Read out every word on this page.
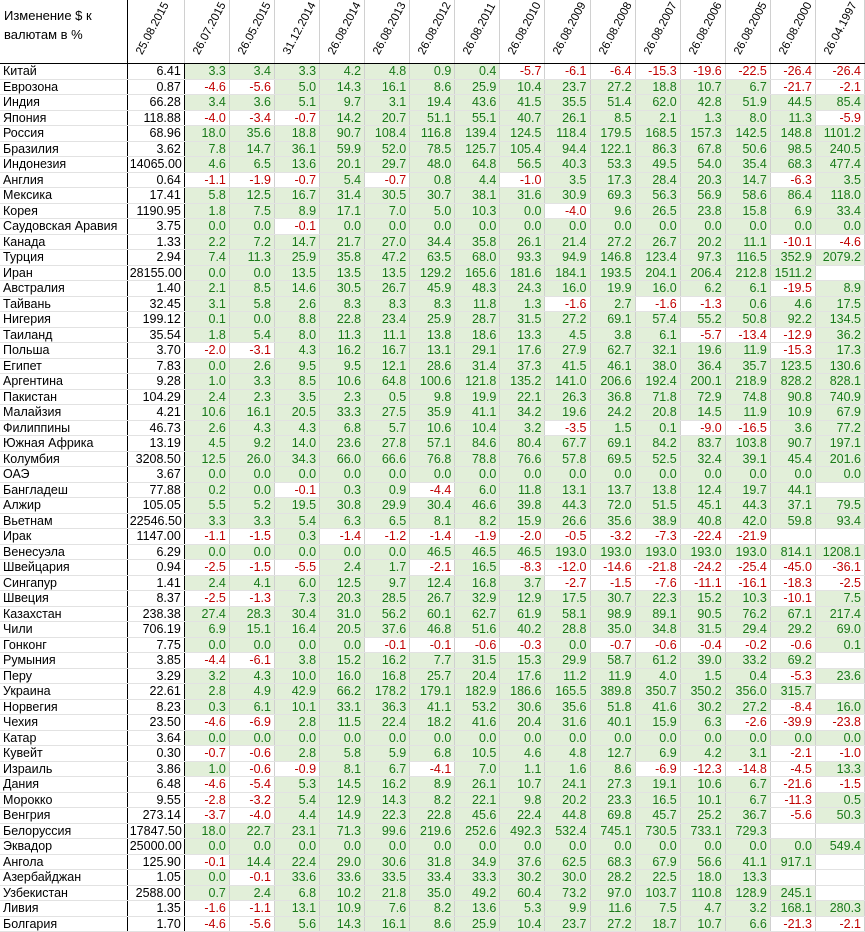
Изменение $ к валютам в %	25.08.2015	26.07.2015	26.05.2015	31.12.2014	26.08.2014	26.08.2013	26.08.2012	26.08.2011	26.08.2010	26.08.2009	26.08.2008	26.08.2007	26.08.2006	26.08.2005	26.08.2000	26.04.1997

Китай	6.41	3.3	3.4	3.3	4.2	4.8	0.9	0.4	-5.7	-6.1	-6.4	-15.3	-19.6	-22.5	-26.4	-26.4
Еврозона	0.87	-4.6	-5.6	5.0	14.3	16.1	8.6	25.9	10.4	23.7	27.2	18.8	10.7	6.7	-21.7	-2.1
Индия	66.28	3.4	3.6	5.1	9.7	3.1	19.4	43.6	41.5	35.5	51.4	62.0	42.8	51.9	44.5	85.4
Япония	118.88	-4.0	-3.4	-0.7	14.2	20.7	51.1	55.1	40.7	26.1	8.5	2.1	1.3	8.0	11.3	-5.9
Россия	68.96	18.0	35.6	18.8	90.7	108.4	116.8	139.4	124.5	118.4	179.5	168.5	157.3	142.5	148.8	1101.2
Бразилия	3.62	7.8	14.7	36.1	59.9	52.0	78.5	125.7	105.4	94.4	122.1	86.3	67.8	50.6	98.5	240.5
Индонезия	14065.00	4.6	6.5	13.6	20.1	29.7	48.0	64.8	56.5	40.3	53.3	49.5	54.0	35.4	68.3	477.4
Англия	0.64	-1.1	-1.9	-0.7	5.4	-0.7	0.8	4.4	-1.0	3.5	17.3	28.4	20.3	14.7	-6.3	3.5
Мексика	17.41	5.8	12.5	16.7	31.4	30.5	30.7	38.1	31.6	30.9	69.3	56.3	56.9	58.6	86.4	118.0
Корея	1190.95	1.8	7.5	8.9	17.1	7.0	5.0	10.3	0.0	-4.0	9.6	26.5	23.8	15.8	6.9	33.4
Саудовская Аравия	3.75	0.0	0.0	-0.1	0.0	0.0	0.0	0.0	0.0	0.0	0.0	0.0	0.0	0.0	0.0	0.0
Канада	1.33	2.2	7.2	14.7	21.7	27.0	34.4	35.8	26.1	21.4	27.2	26.7	20.2	11.1	-10.1	-4.6
Турция	2.94	7.4	11.3	25.9	35.8	47.2	63.5	68.0	93.3	94.9	146.8	123.4	97.3	116.5	352.9	2079.2
Иран	28155.00	0.0	0.0	13.5	13.5	13.5	129.2	165.6	181.6	184.1	193.5	204.1	206.4	212.8	1511.2	
Австралия	1.40	2.1	8.5	14.6	30.5	26.7	45.9	48.3	24.3	16.0	19.9	16.0	6.2	6.1	-19.5	8.9
Тайвань	32.45	3.1	5.8	2.6	8.3	8.3	8.3	11.8	1.3	-1.6	2.7	-1.6	-1.3	0.6	4.6	17.5
Нигерия	199.12	0.1	0.0	8.8	22.8	23.4	25.9	28.7	31.5	27.2	69.1	57.4	55.2	50.8	92.2	134.5
Таиланд	35.54	1.8	5.4	8.0	11.3	11.1	13.8	18.6	13.3	4.5	3.8	6.1	-5.7	-13.4	-12.9	36.2
Польша	3.70	-2.0	-3.1	4.3	16.2	16.7	13.1	29.1	17.6	27.9	62.7	32.1	19.6	11.9	-15.3	17.3
Египет	7.83	0.0	2.6	9.5	9.5	12.1	28.6	31.4	37.3	41.5	46.1	38.0	36.4	35.7	123.5	130.6
Аргентина	9.28	1.0	3.3	8.5	10.6	64.8	100.6	121.8	135.2	141.0	206.6	192.4	200.1	218.9	828.2	828.1
Пакистан	104.29	2.4	2.3	3.5	2.3	0.5	9.8	19.9	22.1	26.3	36.8	71.8	72.9	74.8	90.8	740.9
Малайзия	4.21	10.6	16.1	20.5	33.3	27.5	35.9	41.1	34.2	19.6	24.2	20.8	14.5	11.9	10.9	67.9
Филиппины	46.73	2.6	4.3	4.3	6.8	5.7	10.6	10.4	3.2	-3.5	1.5	0.1	-9.0	-16.5	3.6	77.2
Южная Африка	13.19	4.5	9.2	14.0	23.6	27.8	57.1	84.6	80.4	67.7	69.1	84.2	83.7	103.8	90.7	197.1
Колумбия	3208.50	12.5	26.0	34.3	66.0	66.6	76.8	78.8	76.6	57.8	69.5	52.5	32.4	39.1	45.4	201.6
ОАЭ	3.67	0.0	0.0	0.0	0.0	0.0	0.0	0.0	0.0	0.0	0.0	0.0	0.0	0.0	0.0	0.0
Бангладеш	77.88	0.2	0.0	-0.1	0.3	0.9	-4.4	6.0	11.8	13.1	13.7	13.8	12.4	19.7	44.1	
Алжир	105.05	5.5	5.2	19.5	30.8	29.9	30.4	46.6	39.8	44.3	72.0	51.5	45.1	44.3	37.1	79.5
Вьетнам	22546.50	3.3	3.3	5.4	6.3	6.5	8.1	8.2	15.9	26.6	35.6	38.9	40.8	42.0	59.8	93.4
Ирак	1147.00	-1.1	-1.5	0.3	-1.4	-1.2	-1.4	-1.9	-2.0	-0.5	-3.2	-7.3	-22.4	-21.9		
Венесуэла	6.29	0.0	0.0	0.0	0.0	0.0	46.5	46.5	46.5	193.0	193.0	193.0	193.0	193.0	814.1	1208.1
Швейцария	0.94	-2.5	-1.5	-5.5	2.4	1.7	-2.1	16.5	-8.3	-12.0	-14.6	-21.8	-24.2	-25.4	-45.0	-36.1
Сингапур	1.41	2.4	4.1	6.0	12.5	9.7	12.4	16.8	3.7	-2.7	-1.5	-7.6	-11.1	-16.1	-18.3	-2.5
Швеция	8.37	-2.5	-1.3	7.3	20.3	28.5	26.7	32.9	12.9	17.5	30.7	22.3	15.2	10.3	-10.1	7.5
Казахстан	238.38	27.4	28.3	30.4	31.0	56.2	60.1	62.7	61.9	58.1	98.9	89.1	90.5	76.2	67.1	217.4
Чили	706.19	6.9	15.1	16.4	20.5	37.6	46.8	51.6	40.2	28.8	35.0	34.8	31.5	29.4	29.2	69.0
Гонконг	7.75	0.0	0.0	0.0	0.0	-0.1	-0.1	-0.6	-0.3	0.0	-0.7	-0.6	-0.4	-0.2	-0.6	0.1
Румыния	3.85	-4.4	-6.1	3.8	15.2	16.2	7.7	31.5	15.3	29.9	58.7	61.2	39.0	33.2	69.2	
Перу	3.29	3.2	4.3	10.0	16.0	16.8	25.7	20.4	17.6	11.2	11.9	4.0	1.5	0.4	-5.3	23.6
Украина	22.61	2.8	4.9	42.9	66.2	178.2	179.1	182.9	186.6	165.5	389.8	350.7	350.2	356.0	315.7	
Норвегия	8.23	0.3	6.1	10.1	33.1	36.3	41.1	53.2	30.6	35.6	51.8	41.6	30.2	27.2	-8.4	16.0
Чехия	23.50	-4.6	-6.9	2.8	11.5	22.4	18.2	41.6	20.4	31.6	40.1	15.9	6.3	-2.6	-39.9	-23.8
Катар	3.64	0.0	0.0	0.0	0.0	0.0	0.0	0.0	0.0	0.0	0.0	0.0	0.0	0.0	0.0	0.0
Кувейт	0.30	-0.7	-0.6	2.8	5.8	5.9	6.8	10.5	4.6	4.8	12.7	6.9	4.2	3.1	-2.1	-1.0
Израиль	3.86	1.0	-0.6	-0.9	8.1	6.7	-4.1	7.0	1.1	1.6	8.6	-6.9	-12.3	-14.8	-4.5	13.3
Дания	6.48	-4.6	-5.4	5.3	14.5	16.2	8.9	26.1	10.7	24.1	27.3	19.1	10.6	6.7	-21.6	-1.5
Морокко	9.55	-2.8	-3.2	5.4	12.9	14.3	8.2	22.1	9.8	20.2	23.3	16.5	10.1	6.7	-11.3	0.5
Венгрия	273.14	-3.7	-4.0	4.4	14.9	22.3	22.8	45.6	22.4	44.8	69.8	45.7	25.2	36.7	-5.6	50.3
Белоруссия	17847.50	18.0	22.7	23.1	71.3	99.6	219.6	252.6	492.3	532.4	745.1	730.5	733.1	729.3		
Эквадор	25000.00	0.0	0.0	0.0	0.0	0.0	0.0	0.0	0.0	0.0	0.0	0.0	0.0	0.0	0.0	549.4
Ангола	125.90	-0.1	14.4	22.4	29.0	30.6	31.8	34.9	37.6	62.5	68.3	67.9	56.6	41.1	917.1	
Азербайджан	1.05	0.0	-0.1	33.6	33.6	33.5	33.4	33.3	30.2	30.0	28.2	22.5	18.0	13.3		
Узбекистан	2588.00	0.7	2.4	6.8	10.2	21.8	35.0	49.2	60.4	73.2	97.0	103.7	110.8	128.9	245.1	
Ливия	1.35	-1.6	-1.1	13.1	10.9	7.6	8.2	13.6	5.3	9.9	11.6	7.5	4.7	3.2	168.1	280.3
Болгария	1.70	-4.6	-5.6	5.6	14.3	16.1	8.6	25.9	10.4	23.7	27.2	18.7	10.7	6.6	-21.3	-2.1
